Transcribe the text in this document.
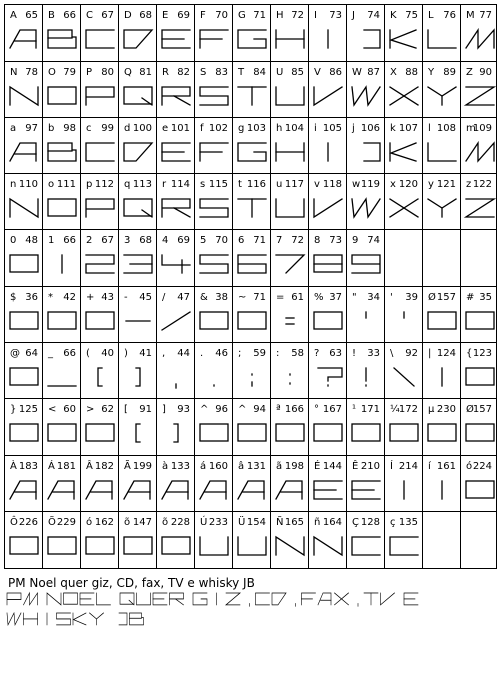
A 65 B 66 C 67 D 68 E 69 F 70 G 71 H 72 I 73 J 74 K 75 L 76 M 77
N 78 O 79 P 80 Q 81 R 82 S 83 T 84 U 85 V 86 W 87 X 88 Y 89 Z 90
a 97 b 98 c 99 d 100 e 101 f 102 g 103 h 104 i 105 j 106 k 107 l 108 m
109
n 110 o 111 p 112 q 113 r 114 s 115 t 116 u 117 v 118 w 119 x 120 y 121 z 122
0 48 1 66 2 67 3 68 4 69 5 70 6 71 7 72 8 73 9 74
$ 36 * 42 + 43 - 45 / 47 & 38 ~ 71 = 61 % 37 " 34 ' 39 Ø 157 # 35
@ 64 _ 66 ( 40 ) 41 , 44 . 46 ; 59 : 58 ? 63 ! 33 \ 92 | 124 { 123
} 125 < 60 > 62 [ 91 ] 93 ^ 96 ^ 94 ª 166 ° 167 ¹ 171 ¼ 172 µ 230 Ø 157
À 183 Á 181 Â 182 Ã 199 à 133 á 160 â 131 ã 198 É 144 Ê 210 Í 214 í 161 ó 224
Ô 226 Õ 229 ó 162 õ 147 õ 228 Ú 233 Ü 154 Ñ 165 ñ 164 Ç 128 ç 135
PM Noel quer giz, CD, fax, TV e whisky JB
